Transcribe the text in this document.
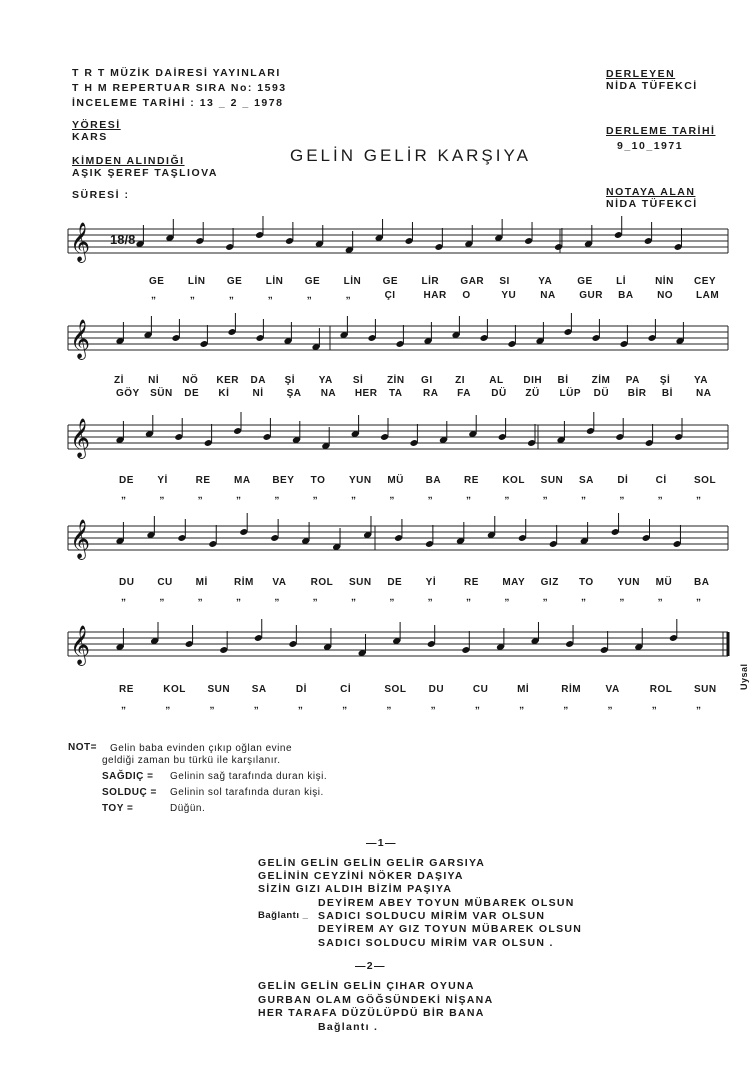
T R T MÜZİK DAİRESİ YAYINLARI
T H M REPERTUAR SIRA No: 1593
İNCELEME TARİHİ : 13 _ 2 _ 1978
YÖRESİ
KARS
KİMDEN ALINDIĞI
AŞIK ŞEREF TAŞLIOVA
SÜRESİ :
DERLEYEN
NİDA TÜFEKCİ
DERLEME TARİHİ
9_10_1971
NOTAYA ALAN
NİDA TÜFEKCİ
GELİN GELİR KARŞIYA
𝄞
𝄞
𝄞
𝄞
𝄞
18/8
Uysal
GE LİN GE LİN GE LİN GE LİR GAR SI	YA GE Lİ	NİN CEY
„	„	„	„	„	„	ÇI	HAR O	YU NA GUR BA NO LAM
Zİ Nİ NÖ KER DA Şİ YA Sİ ZİN GI ZI AL DIH Bİ ZİM PA Şİ YA
GÖY SÜN DE Kİ Nİ ŞA NA HER TA RA FA DÜ ZÜ LÜP DÜ BİR Bİ NA
DE Yİ	RE MA BEY TO YUN MÜ BA RE KOL SUN SA Dİ	Cİ	SOL
„	„	„	„	„	„	„	„	„	„	„	„	„	„	„	„
DU CU Mİ	RİM VA ROL SUN DE Yİ	RE MAY GIZ TO YUN MÜ BA
„	„	„	„	„	„	„	„	„	„	„	„	„	„	„	„
RE	KOL SUN SA	Dİ	Cİ	SOL DU	CU	Mİ	RİM VA	ROL SUN
„	„	„	„	„	„	„	„	„	„	„	„	„	„
NOT= Gelin baba evinden çıkıp oğlan evine
geldiği zaman bu türkü ile karşılanır.
SAĞDIÇ = Gelinin sağ tarafında duran kişi.
SOLDUÇ = Gelinin sol tarafında duran kişi.
TOY =	Düğün.
—1—
GELİN GELİN GELİN GELİR GARSIYA
GELİNİN CEYZİNİ NÖKER DAŞIYA
SİZİN GIZI ALDIH BİZİM PAŞIYA
DEYİREM ABEY TOYUN MÜBAREK OLSUN
Bağlantı _ SADICI SOLDUCU MİRİM VAR OLSUN
DEYİREM AY GIZ TOYUN MÜBAREK OLSUN
SADICI SOLDUCU MİRİM VAR OLSUN .
—2—
GELİN GELİN GELİN ÇIHAR OYUNA
GURBAN OLAM GÖĞSÜNDEKİ NİŞANA
HER TARAFA DÜZÜLÜPDÜ BİR BANA
Bağlantı .
